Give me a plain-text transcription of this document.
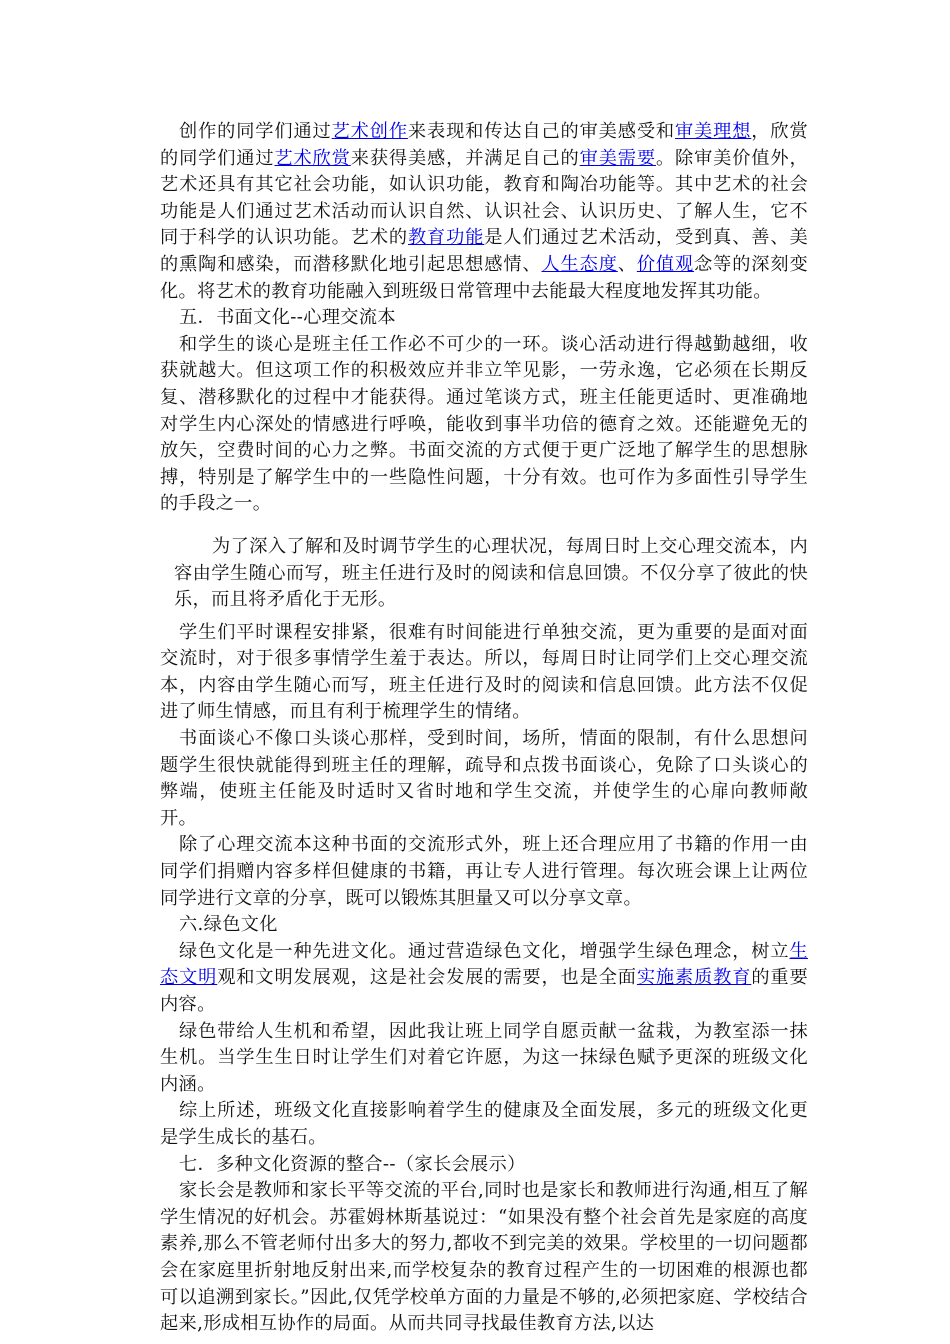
创作的同学们通过艺术创作来表现和传达自己的审美感受和审美理想，欣赏的同学们通过艺术欣赏来获得美感，并满足自己的审美需要。除审美价值外，艺术还具有其它社会功能，如认识功能，教育和陶冶功能等。其中艺术的社会功能是人们通过艺术活动而认识自然、认识社会、认识历史、了解人生，它不同于科学的认识功能。艺术的教育功能是人们通过艺术活动，受到真、善、美的熏陶和感染，而潜移默化地引起思想感情、人生态度、价值观念等的深刻变化。将艺术的教育功能融入到班级日常管理中去能最大程度地发挥其功能。

五．书面文化--心理交流本

和学生的谈心是班主任工作必不可少的一环。谈心活动进行得越勤越细，收获就越大。但这项工作的积极效应并非立竿见影，一劳永逸，它必须在长期反复、潜移默化的过程中才能获得。通过笔谈方式，班主任能更适时、更准确地对学生内心深处的情感进行呼唤，能收到事半功倍的德育之效。还能避免无的放矢，空费时间的心力之弊。书面交流的方式便于更广泛地了解学生的思想脉搏，特别是了解学生中的一些隐性问题，十分有效。也可作为多面性引导学生的手段之一。

为了深入了解和及时调节学生的心理状况，每周日时上交心理交流本，内容由学生随心而写，班主任进行及时的阅读和信息回馈。不仅分享了彼此的快乐，而且将矛盾化于无形。

学生们平时课程安排紧，很难有时间能进行单独交流，更为重要的是面对面交流时，对于很多事情学生羞于表达。所以，每周日时让同学们上交心理交流本，内容由学生随心而写，班主任进行及时的阅读和信息回馈。此方法不仅促进了师生情感，而且有利于梳理学生的情绪。

书面谈心不像口头谈心那样，受到时间，场所，情面的限制，有什么思想问题学生很快就能得到班主任的理解，疏导和点拨书面谈心，免除了口头谈心的弊端，使班主任能及时适时又省时地和学生交流，并使学生的心扉向教师敞开。

除了心理交流本这种书面的交流形式外，班上还合理应用了书籍的作用一由同学们捐赠内容多样但健康的书籍，再让专人进行管理。每次班会课上让两位同学进行文章的分享，既可以锻炼其胆量又可以分享文章。

六.绿色文化

绿色文化是一种先进文化。通过营造绿色文化，增强学生绿色理念，树立生态文明观和文明发展观，这是社会发展的需要，也是全面实施素质教育的重要内容。

绿色带给人生机和希望，因此我让班上同学自愿贡献一盆栽，为教室添一抹生机。当学生生日时让学生们对着它许愿，为这一抹绿色赋予更深的班级文化内涵。

综上所述，班级文化直接影响着学生的健康及全面发展，多元的班级文化更是学生成长的基石。

七．多种文化资源的整合--（家长会展示）

家长会是教师和家长平等交流的平台,同时也是家长和教师进行沟通,相互了解学生情况的好机会。苏霍姆林斯基说过：“如果没有整个社会首先是家庭的高度素养,那么不管老师付出多大的努力,都收不到完美的效果。学校里的一切问题都会在家庭里折射地反射出来,而学校复杂的教育过程产生的一切困难的根源也都可以追溯到家长。”因此,仅凭学校单方面的力量是不够的,必须把家庭、学校结合起来,形成相互协作的局面。从而共同寻找最佳教育方法,以达
